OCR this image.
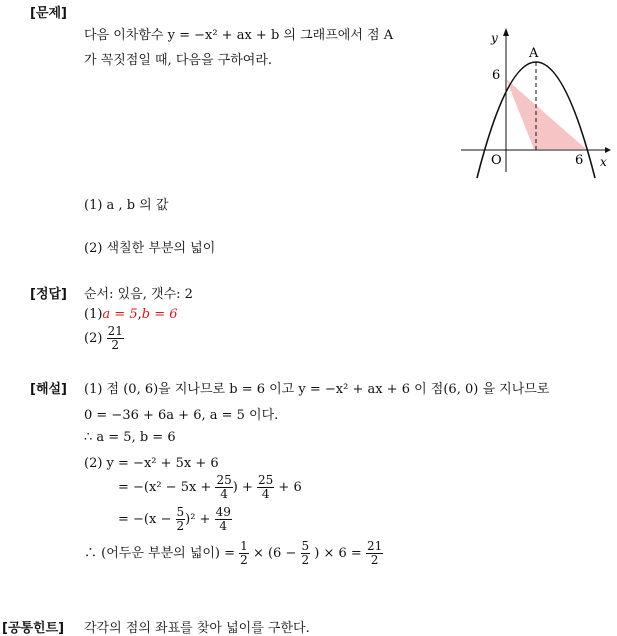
[문제]
다음 이차함수 y = −x² + ax + b 의 그래프에서 점 A
가 꼭짓점일 때, 다음을 구하여라.
y
x
A
O	6
6
(1) a , b 의 값
(2) 색칠한 부분의 넓이
[정답] 순서: 있음, 갯수: 2
(1)a = 5,b = 6
$(2) \frac{21}{2}$
[해설] (1) 점 (0, 6)을 지나므로 b = 6 이고 y = −x² + ax + 6 이 점(6, 0) 을 지나므로
0 = −36 + 6a + 6, a = 5 이다.
∴ a = 5, b = 6
(2) y = −x² + 5x + 6
= $-(x^2 - 5x + \frac{25}{4}$ ) + $\frac{25}{4} + 6$
= $-(x - \frac{5}{2} )^2 + \frac{49}{4}$
∴ (어두운 부분의 넓이) = $\frac{1}{2} \times (6 - \frac{5}{2}$ ) × $6 = \frac{21}{2}$
[공통힌트] 각각의 점의 좌표를 찾아 넓이를 구한다.
